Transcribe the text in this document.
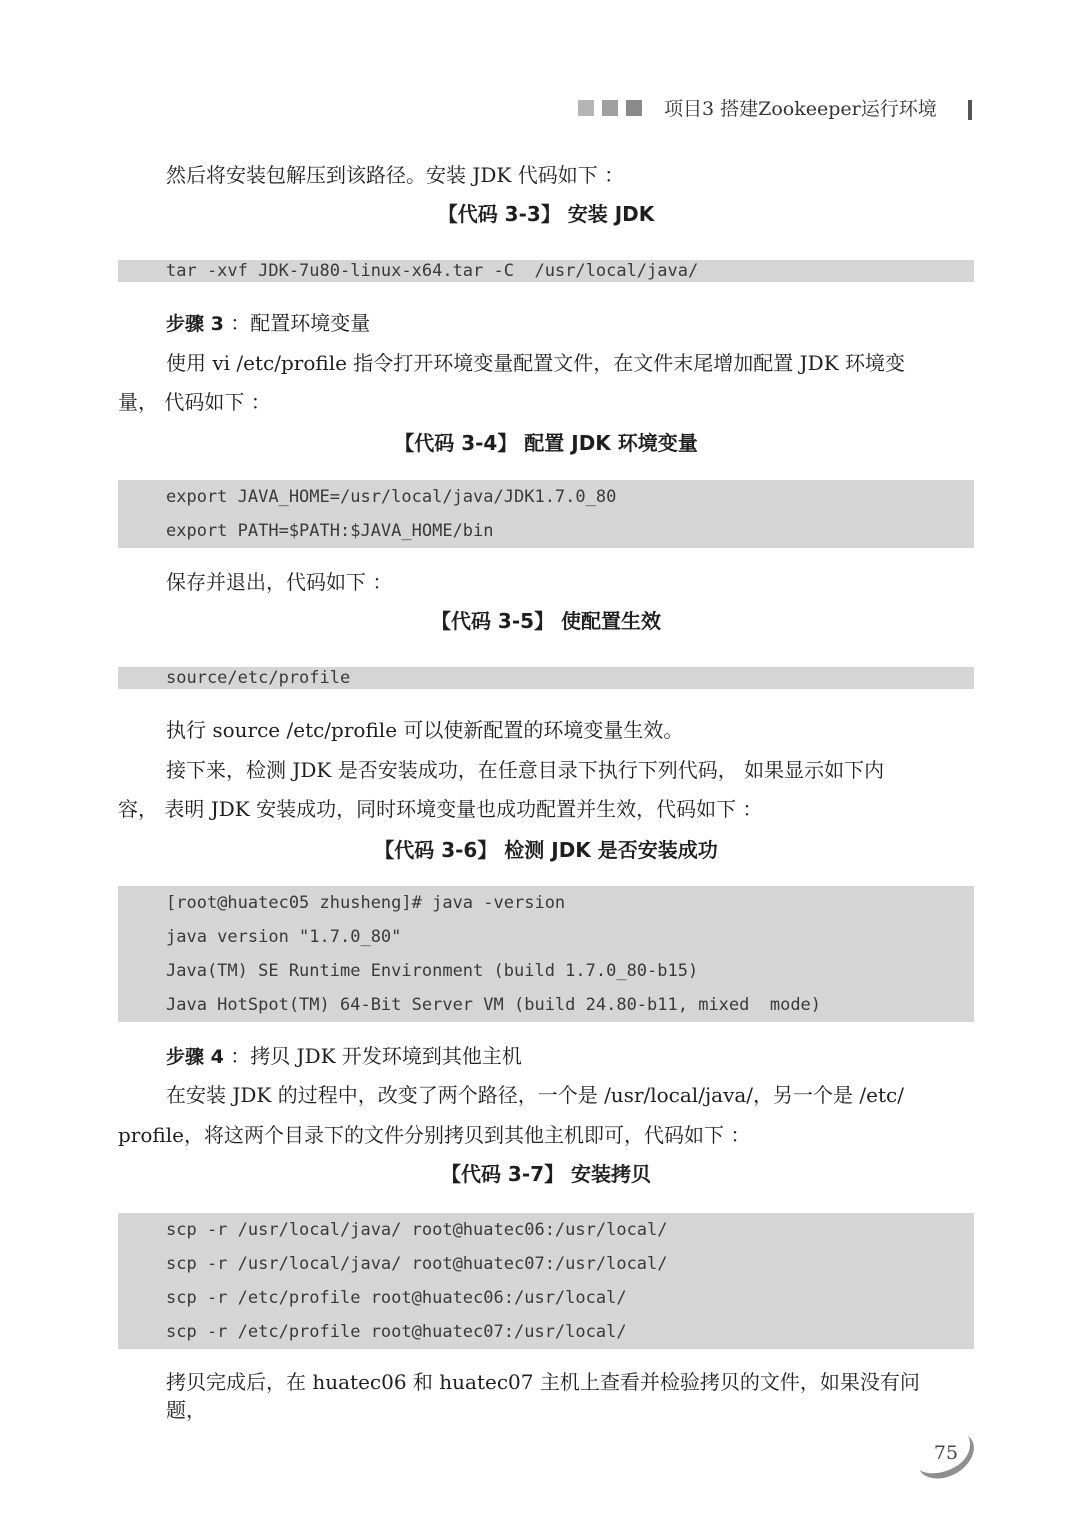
项目3 搭建Zookeeper运行环境
然后将安装包解压到该路径。安装 JDK 代码如下 ：
【代码 3-3】 安装 JDK
tar -xvf JDK-7u80-linux-x64.tar -C  /usr/local/java/
步骤 3 ：配置环境变量
使用 vi /etc/profile 指令打开环境变量配置文件，在文件末尾增加配置 JDK 环境变
量， 代码如下 ：
【代码 3-4】 配置 JDK 环境变量
export JAVA_HOME=/usr/local/java/JDK1.7.0_80
export PATH=$PATH:$JAVA_HOME/bin
保存并退出，代码如下 ：
【代码 3-5】 使配置生效
source/etc/profile
执行 source /etc/profile 可以使新配置的环境变量生效。
接下来，检测 JDK 是否安装成功，在任意目录下执行下列代码， 如果显示如下内
容， 表明 JDK 安装成功，同时环境变量也成功配置并生效，代码如下 ：
【代码 3-6】 检测 JDK 是否安装成功
[root@huatec05 zhusheng]# java -version
java version "1.7.0_80"
Java(TM) SE Runtime Environment (build 1.7.0_80-b15)
Java HotSpot(TM) 64-Bit Server VM (build 24.80-b11, mixed  mode)
步骤 4 ：拷贝 JDK 开发环境到其他主机
在安装 JDK 的过程中，改变了两个路径，一个是 /usr/local/java/，另一个是 /etc/
profile，将这两个目录下的文件分别拷贝到其他主机即可，代码如下 ：
【代码 3-7】 安装拷贝
scp -r /usr/local/java/ root@huatec06:/usr/local/
scp -r /usr/local/java/ root@huatec07:/usr/local/
scp -r /etc/profile root@huatec06:/usr/local/
scp -r /etc/profile root@huatec07:/usr/local/
拷贝完成后，在 huatec06 和 huatec07 主机上查看并检验拷贝的文件，如果没有问
题，
75
